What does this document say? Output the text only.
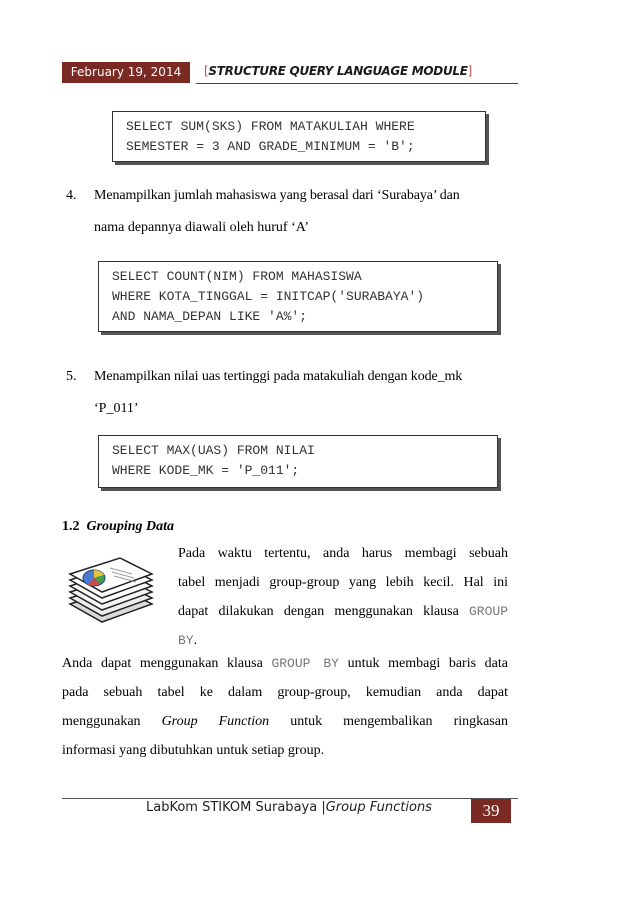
February 19, 2014	[STRUCTURE QUERY LANGUAGE MODULE]
SELECT SUM(SKS) FROM MATAKULIAH WHERE
SEMESTER = 3 AND GRADE_MINIMUM = 'B';
4. Menampilkan jumlah mahasiswa yang berasal dari ‘Surabaya’ dan
nama depannya diawali oleh huruf ‘A’
SELECT COUNT(NIM) FROM MAHASISWA
WHERE KOTA_TINGGAL = INITCAP('SURABAYA')
AND NAMA_DEPAN LIKE 'A%';
5. Menampilkan nilai uas tertinggi pada matakuliah dengan kode_mk
‘P_011’
SELECT MAX(UAS) FROM NILAI
WHERE KODE_MK = 'P_011';
1.2 Grouping Data
Pada waktu tertentu, anda harus membagi sebuah
tabel menjadi group-group yang lebih kecil. Hal ini
dapat dilakukan dengan menggunakan klausa GROUP
BY.
Anda dapat menggunakan klausa GROUP BY untuk membagi baris data
pada sebuah tabel ke dalam group-group, kemudian anda dapat
menggunakan Group Function untuk mengembalikan ringkasan
informasi yang dibutuhkan untuk setiap group.
LabKom STIKOM Surabaya |Group Functions	39
